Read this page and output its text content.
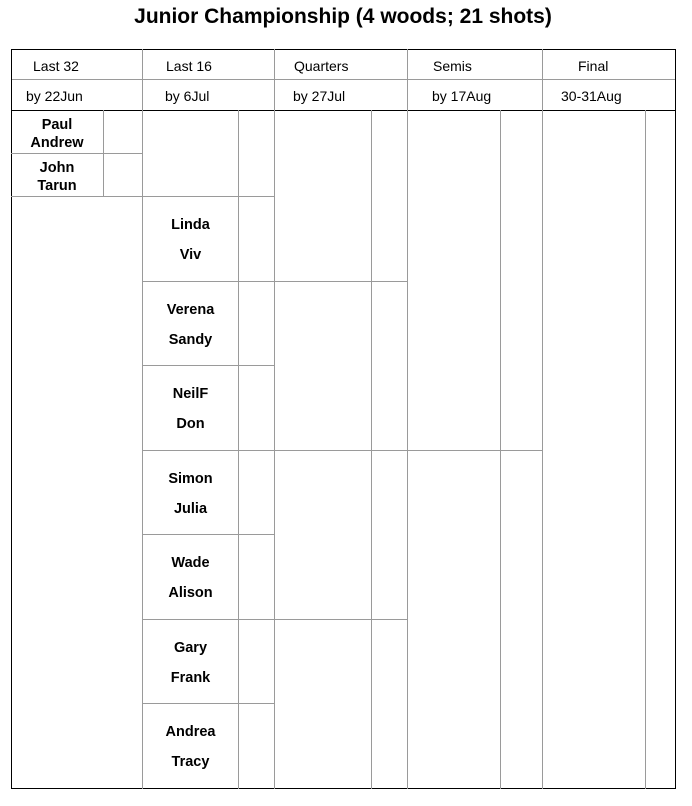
Junior Championship (4 woods; 21 shots)
Last 32
by 22Jun
Last 16
by 6Jul
Quarters
by 27Jul
Semis
by 17Aug
Final
30-31Aug
Paul
Andrew
John
Tarun
Linda
Viv
Verena
Sandy
NeilF
Don
Simon
Julia
Wade
Alison
Gary
Frank
Andrea
Tracy
